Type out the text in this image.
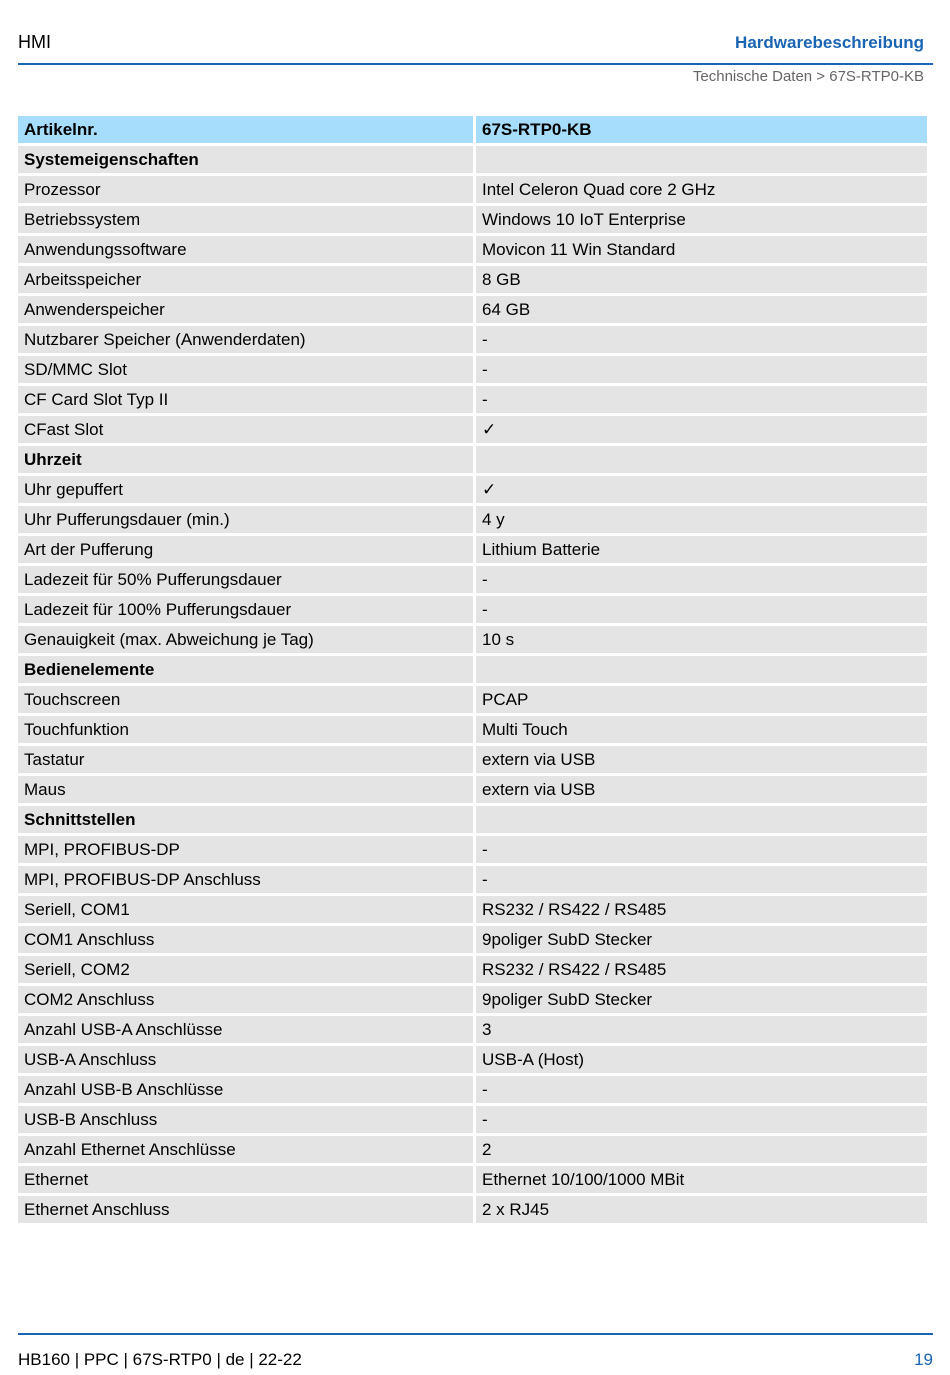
HMI	Hardwarebeschreibung
Technische Daten > 67S-RTP0-KB
Artikelnr.	67S-RTP0-KB
Systemeigenschaften	
Prozessor	Intel Celeron Quad core 2 GHz
Betriebssystem	Windows 10 IoT Enterprise
Anwendungssoftware	Movicon 11 Win Standard
Arbeitsspeicher	8 GB
Anwenderspeicher	64 GB
Nutzbarer Speicher (Anwenderdaten)	-
SD/MMC Slot	-
CF Card Slot Typ II	-
CFast Slot	✓
Uhrzeit	
Uhr gepuffert	✓
Uhr Pufferungsdauer (min.)	4 y
Art der Pufferung	Lithium Batterie
Ladezeit für 50% Pufferungsdauer	-
Ladezeit für 100% Pufferungsdauer	-
Genauigkeit (max. Abweichung je Tag)	10 s
Bedienelemente	
Touchscreen	PCAP
Touchfunktion	Multi Touch
Tastatur	extern via USB
Maus	extern via USB
Schnittstellen	
MPI, PROFIBUS-DP	-
MPI, PROFIBUS-DP Anschluss	-
Seriell, COM1	RS232 / RS422 / RS485
COM1 Anschluss	9poliger SubD Stecker
Seriell, COM2	RS232 / RS422 / RS485
COM2 Anschluss	9poliger SubD Stecker
Anzahl USB-A Anschlüsse	3
USB-A Anschluss	USB-A (Host)
Anzahl USB-B Anschlüsse	-
USB-B Anschluss	-
Anzahl Ethernet Anschlüsse	2
Ethernet	Ethernet 10/100/1000 MBit
Ethernet Anschluss	2 x RJ45
HB160 | PPC | 67S-RTP0 | de | 22-22	19
